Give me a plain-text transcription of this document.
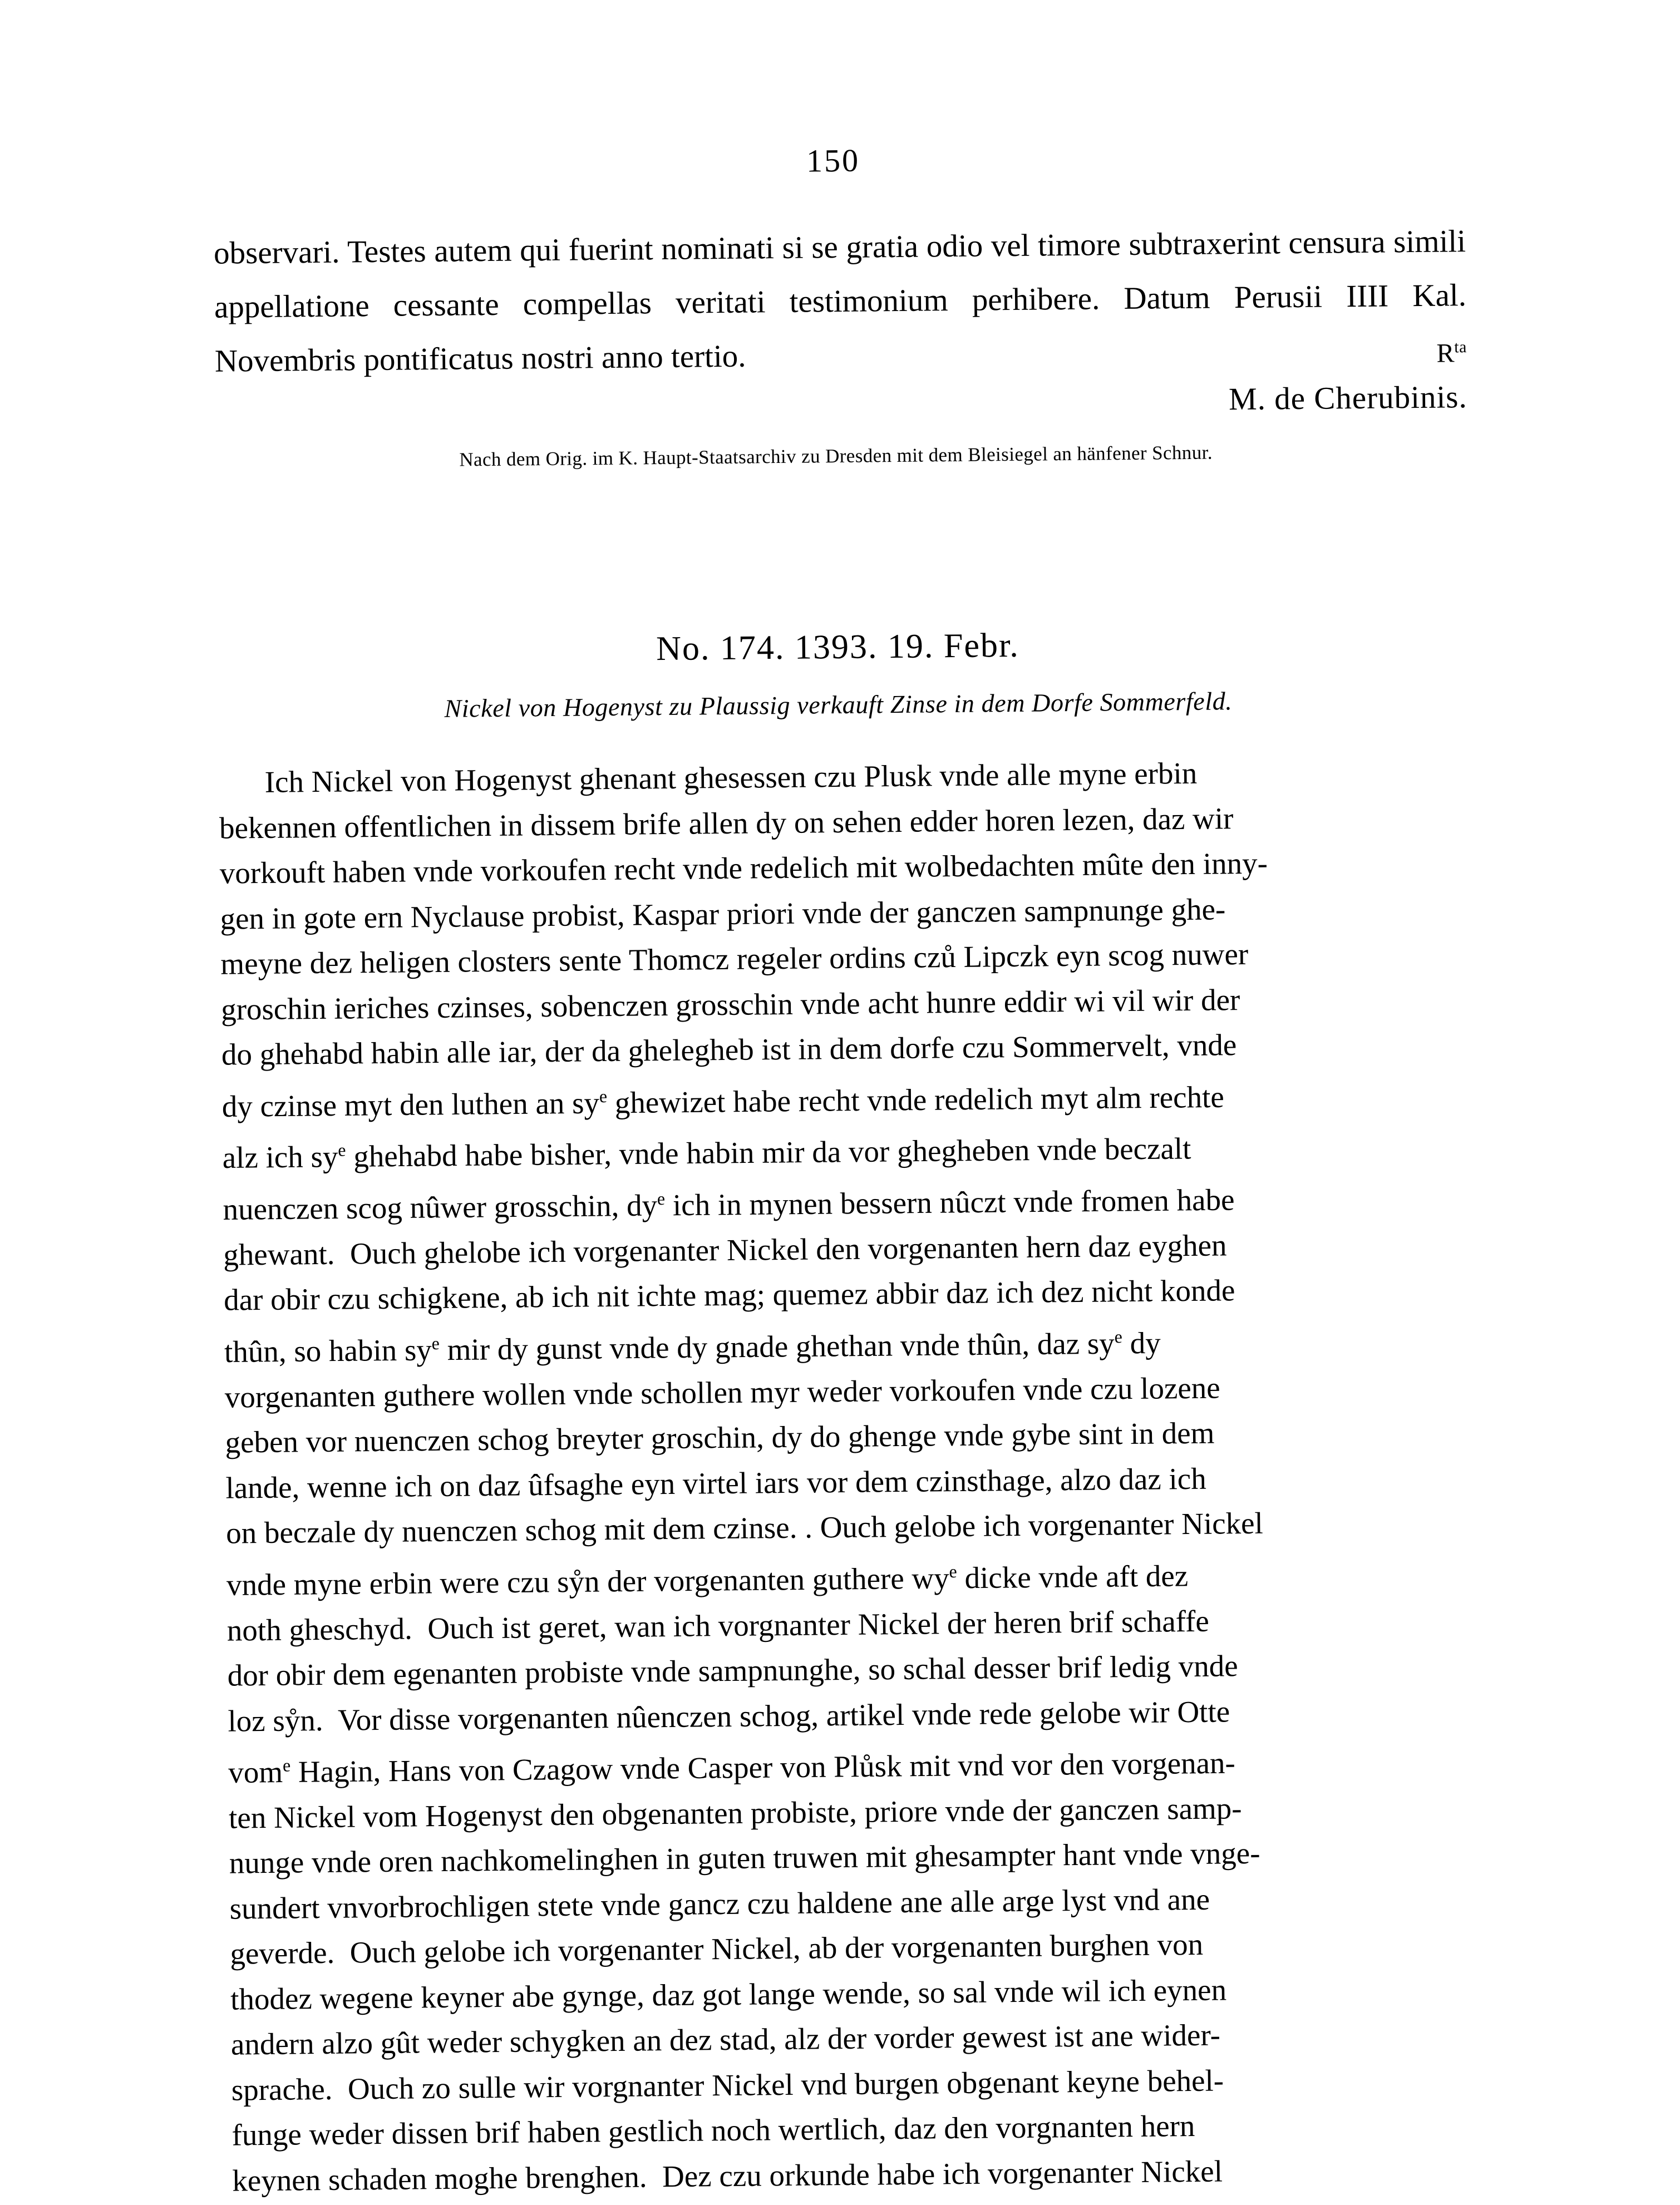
150

observari. Testes autem qui fuerint nominati si se gratia odio vel timore subtraxerint censura simili appellatione cessante compellas veritati testimonium perhibere. Datum Perusii IIII Kal. Novembris pontificatus nostri anno tertio.	$R^{ta}$
M. de Cherubinis.
Nach dem Orig. im K. Haupt-Staatsarchiv zu Dresden mit dem Bleisiegel an hänfener Schnur.
No. 174. 1393. 19. Febr.
Nickel von Hogenyst zu Plaussig verkauft Zinse in dem Dorfe Sommerfeld.
Ich Nickel von Hogenyst ghenant ghesessen czu Plusk vnde alle myne erbin
bekennen offentlichen in dissem brife allen dy on sehen edder horen lezen, daz wir
vorkouft haben vnde vorkoufen recht vnde redelich mit wolbedachten mûte den inny-
gen in gote ern Nyclause probist, Kaspar priori vnde der ganczen sampnunge ghe-
meyne dez heligen closters sente Thomcz regeler ordins czů Lipczk eyn scog nuwer
groschin ieriches czinses, sobenczen grosschin vnde acht hunre eddir wi vil wir der
do ghehabd habin alle iar, der da ghelegheb ist in dem dorfe czu Sommervelt, vnde
dy czinse myt den luthen an $sy^e$ ghewizet habe recht vnde redelich myt alm rechte
alz ich $sy^e$ ghehabd habe bisher, vnde habin mir da vor ghegheben vnde beczalt
nuenczen scog nûwer grosschin, $dy^e$ ich in mynen bessern nûczt vnde fromen habe
ghewant.  Ouch ghelobe ich vorgenanter Nickel den vorgenanten hern daz eyghen
dar obir czu schigkene, ab ich nit ichte mag; quemez abbir daz ich dez nicht konde
thûn, so habin $sy^e$ mir dy gunst vnde dy gnade ghethan vnde thûn, daz $sy^e$ dy
vorgenanten guthere wollen vnde schollen myr weder vorkoufen vnde czu lozene
geben vor nuenczen schog breyter groschin, dy do ghenge vnde gybe sint in dem
lande, wenne ich on daz ûfsaghe eyn virtel iars vor dem czinsthage, alzo daz ich
on beczale dy nuenczen schog mit dem czinse. . Ouch gelobe ich vorgenanter Nickel
vnde myne erbin were czu sẙn der vorgenanten guthere $wy^e$ dicke vnde aft dez
noth gheschyd.  Ouch ist geret, wan ich vorgnanter Nickel der heren brif schaffe
dor obir dem egenanten probiste vnde sampnunghe, so schal desser brif ledig vnde
loz sẙn.  Vor disse vorgenanten nûenczen schog, artikel vnde rede gelobe wir Otte
vom$^e$ Hagin, Hans von Czagow vnde Casper von Plůsk mit vnd vor den vorgenan-
ten Nickel vom Hogenyst den obgenanten probiste, priore vnde der ganczen samp-
nunge vnde oren nachkomelinghen in guten truwen mit ghesampter hant vnde vnge-
sundert vnvorbrochligen stete vnde gancz czu haldene ane alle arge lyst vnd ane
geverde.  Ouch gelobe ich vorgenanter Nickel, ab der vorgenanten burghen von
thodez wegene keyner abe gynge, daz got lange wende, so sal vnde wil ich eynen
andern alzo gût weder schygken an dez stad, alz der vorder gewest ist ane wider-
sprache.  Ouch zo sulle wir vorgnanter Nickel vnd burgen obgenant keyne behel-
funge weder dissen brif haben gestlich noch wertlich, daz den vorgnanten hern
keynen schaden moghe brenghen.  Dez czu orkunde habe ich vorgenanter Nickel
